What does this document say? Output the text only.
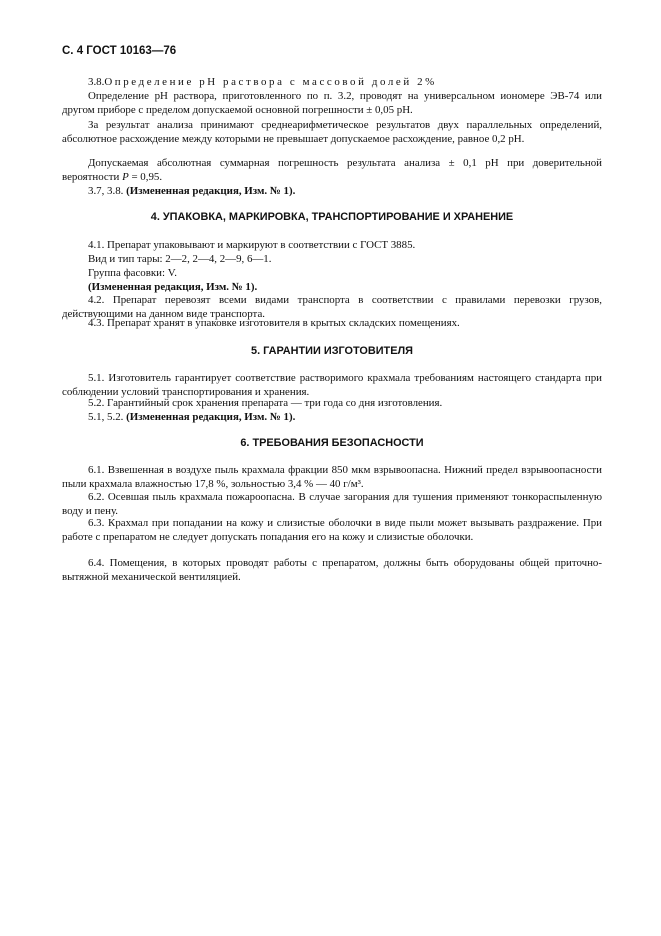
С. 4 ГОСТ 10163—76

3.8.Определение pH раствора с массовой долей 2%

Определение pH раствора, приготовленного по п. 3.2, проводят на универсальном иономере ЭВ-74 или другом приборе с пределом допускаемой основной погрешности ± 0,05 pH.

За результат анализа принимают среднеарифметическое результатов двух параллельных определений, абсолютное расхождение между которыми не превышает допускаемое расхождение, равное 0,2 pH.

Допускаемая абсолютная суммарная погрешность результата анализа ± 0,1 pH при доверительной вероятности P = 0,95.

3.7, 3.8. (Измененная редакция, Изм. № 1).

4. УПАКОВКА, МАРКИРОВКА, ТРАНСПОРТИРОВАНИЕ И ХРАНЕНИЕ

4.1. Препарат упаковывают и маркируют в соответствии с ГОСТ 3885.

Вид и тип тары: 2—2, 2—4, 2—9, 6—1.

Группа фасовки: V.

(Измененная редакция, Изм. № 1).

4.2. Препарат перевозят всеми видами транспорта в соответствии с правилами перевозки грузов, действующими на данном виде транспорта.

4.3. Препарат хранят в упаковке изготовителя в крытых складских помещениях.

5. ГАРАНТИИ ИЗГОТОВИТЕЛЯ

5.1. Изготовитель гарантирует соответствие растворимого крахмала требованиям настоящего стандарта при соблюдении условий транспортирования и хранения.

5.2. Гарантийный срок хранения препарата — три года со дня изготовления.

5.1, 5.2. (Измененная редакция, Изм. № 1).

6. ТРЕБОВАНИЯ БЕЗОПАСНОСТИ

6.1. Взвешенная в воздухе пыль крахмала фракции 850 мкм взрывоопасна. Нижний предел взрывоопасности пыли крахмала влажностью 17,8 %, зольностью 3,4 % — 40 г/м³.

6.2. Осевшая пыль крахмала пожароопасна. В случае загорания для тушения применяют тонкораспыленную воду и пену.

6.3. Крахмал при попадании на кожу и слизистые оболочки в виде пыли может вызывать раздражение. При работе с препаратом не следует допускать попадания его на кожу и слизистые оболочки.

6.4. Помещения, в которых проводят работы с препаратом, должны быть оборудованы общей приточно-вытяжной механической вентиляцией.
